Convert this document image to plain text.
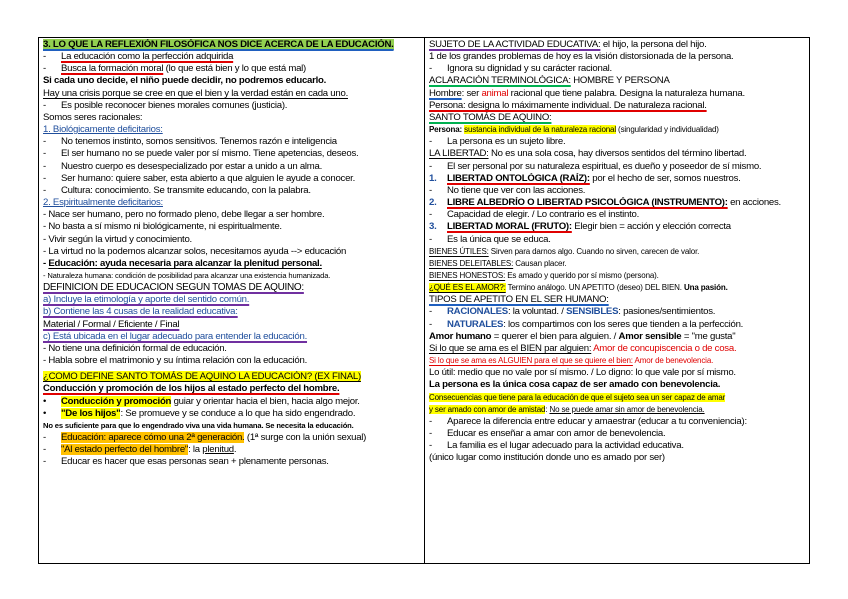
3. LO QUE LA REFLEXIÓN FILOSÓFICA NOS DICE ACERCA DE LA EDUCACIÓN.
- La educación como la perfección adquirida
- Busca la formación moral (lo que está bien y lo que está mal)
Si cada uno decide, el niño puede decidir, no podremos educarlo.
Hay una crisis porque se cree en que el bien y la verdad están en cada uno.
- Es posible reconocer bienes morales comunes (justicia).
Somos seres racionales:
1. Biológicamente deficitarios:
- No tenemos instinto, somos sensitivos. Tenemos razón e inteligencia
- El ser humano no se puede valer por sí mismo. Tiene apetencias, deseos.
- Nuestro cuerpo es desespecializado por estar a unido a un alma.
- Ser humano: quiere saber, esta abierto a que alguien le ayude a conocer.
- Cultura: conocimiento. Se transmite educando, con la palabra.
2. Espiritualmente deficitarios:
- Nace ser humano, pero no formado pleno, debe llegar a ser hombre.
- No basta a sí mismo ni biológicamente, ni espiritualmente.
- Vivir según la virtud y conocimiento.
- La virtud no la podemos alcanzar solos, necesitamos ayuda --> educación
- Educación: ayuda necesaria para alcanzar la plenitud personal.
- Naturaleza humana: condición de posibilidad para alcanzar una existencia humanizada.
DEFINICIÓN DE EDUCACIÓN SEGÚN TOMÁS DE AQUINO:
a) Incluye la etimología y aporte del sentido común.
b) Contiene las 4 cusas de la realidad educativa:
Material / Formal / Eficiente / Final
c) Está ubicada en el lugar adecuado para entender la educación.
- No tiene una definición formal de educación.
- Habla sobre el matrimonio y su íntima relación con la educación.
¿COMO DEFINE SANTO TOMÁS DE AQUINO LA EDUCACIÓN? (EX FINAL)
Conducción y promoción de los hijos al estado perfecto del hombre.
• Conducción y promoción guiar y orientar hacia el bien, hacia algo mejor.
• "De los hijos": Se promueve y se conduce a lo que ha sido engendrado.
No es suficiente para que lo engendrado viva una vida humana. Se necesita la educación.
- Educación: aparece cómo una 2ª generación. (1ª surge con la unión sexual)
- "Al estado perfecto del hombre": la plenitud.
- Educar es hacer que esas personas sean + plenamente personas.
SUJETO DE LA ACTIVIDAD EDUCATIVA: el hijo, la persona del hijo.
1 de los grandes problemas de hoy es la visión distorsionada de la persona.
- Ignora su dignidad y su carácter racional.
ACLARACIÓN TERMINOLÓGICA: HOMBRE Y PERSONA
Hombre: ser animal racional que tiene palabra. Designa la naturaleza humana.
Persona: designa lo máximamente individual. De naturaleza racional.
SANTO TOMÁS DE AQUINO:
Persona: sustancia individual de la naturaleza racional (singularidad y individualidad)
- La persona es un sujeto libre.
LA LIBERTAD: No es una sola cosa, hay diversos sentidos del término libertad.
- El ser personal por su naturaleza espiritual, es dueño y poseedor de sí mismo.
1. LIBERTAD ONTOLÓGICA (RAÍZ): por el hecho de ser, somos nuestros.
- No tiene que ver con las acciones.
2. LIBRE ALBEDRÍO O LIBERTAD PSICOLÓGICA (INSTRUMENTO): en acciones.
- Capacidad de elegir. / Lo contrario es el instinto.
3. LIBERTAD MORAL (FRUTO): Elegir bien = acción y elección correcta
- Es la única que se educa.
BIENES ÚTILES: Sirven para darnos algo. Cuando no sirven, carecen de valor.
BIENES DELEITABLES: Causan placer.
BIENES HONESTOS: Es amado y querido por sí mismo (persona).
¿QUÉ ES EL AMOR?: Termino análogo. UN APETITO (deseo) DEL BIEN. Una pasión.
TIPOS DE APETITO EN EL SER HUMANO:
- RACIONALES: la voluntad. / SENSIBLES: pasiones/sentimientos.
- NATURALES: los compartimos con los seres que tienden a la perfección.
Amor humano = querer el bien para alguien. / Amor sensible = "me gusta"
Si lo que se ama es el BIEN par alguien: Amor de concupiscencia o de cosa.
Si lo que se ama es ALGUIEN para el que se quiere el bien: Amor de benevolencia.
Lo útil: medio que no vale por sí mismo. / Lo digno: lo que vale por sí mismo.
La persona es la única cosa capaz de ser amado con benevolencia.
Consecuencias que tiene para la educación de que el sujeto sea un ser capaz de amar
y ser amado con amor de amistad: No se puede amar sin amor de benevolencia.
- Aparece la diferencia entre educar y amaestrar (educar a tu conveniencia):
- Educar es enseñar a amar con amor de benevolencia.
- La familia es el lugar adecuado para la actividad educativa.
(único lugar como institución donde uno es amado por ser)
